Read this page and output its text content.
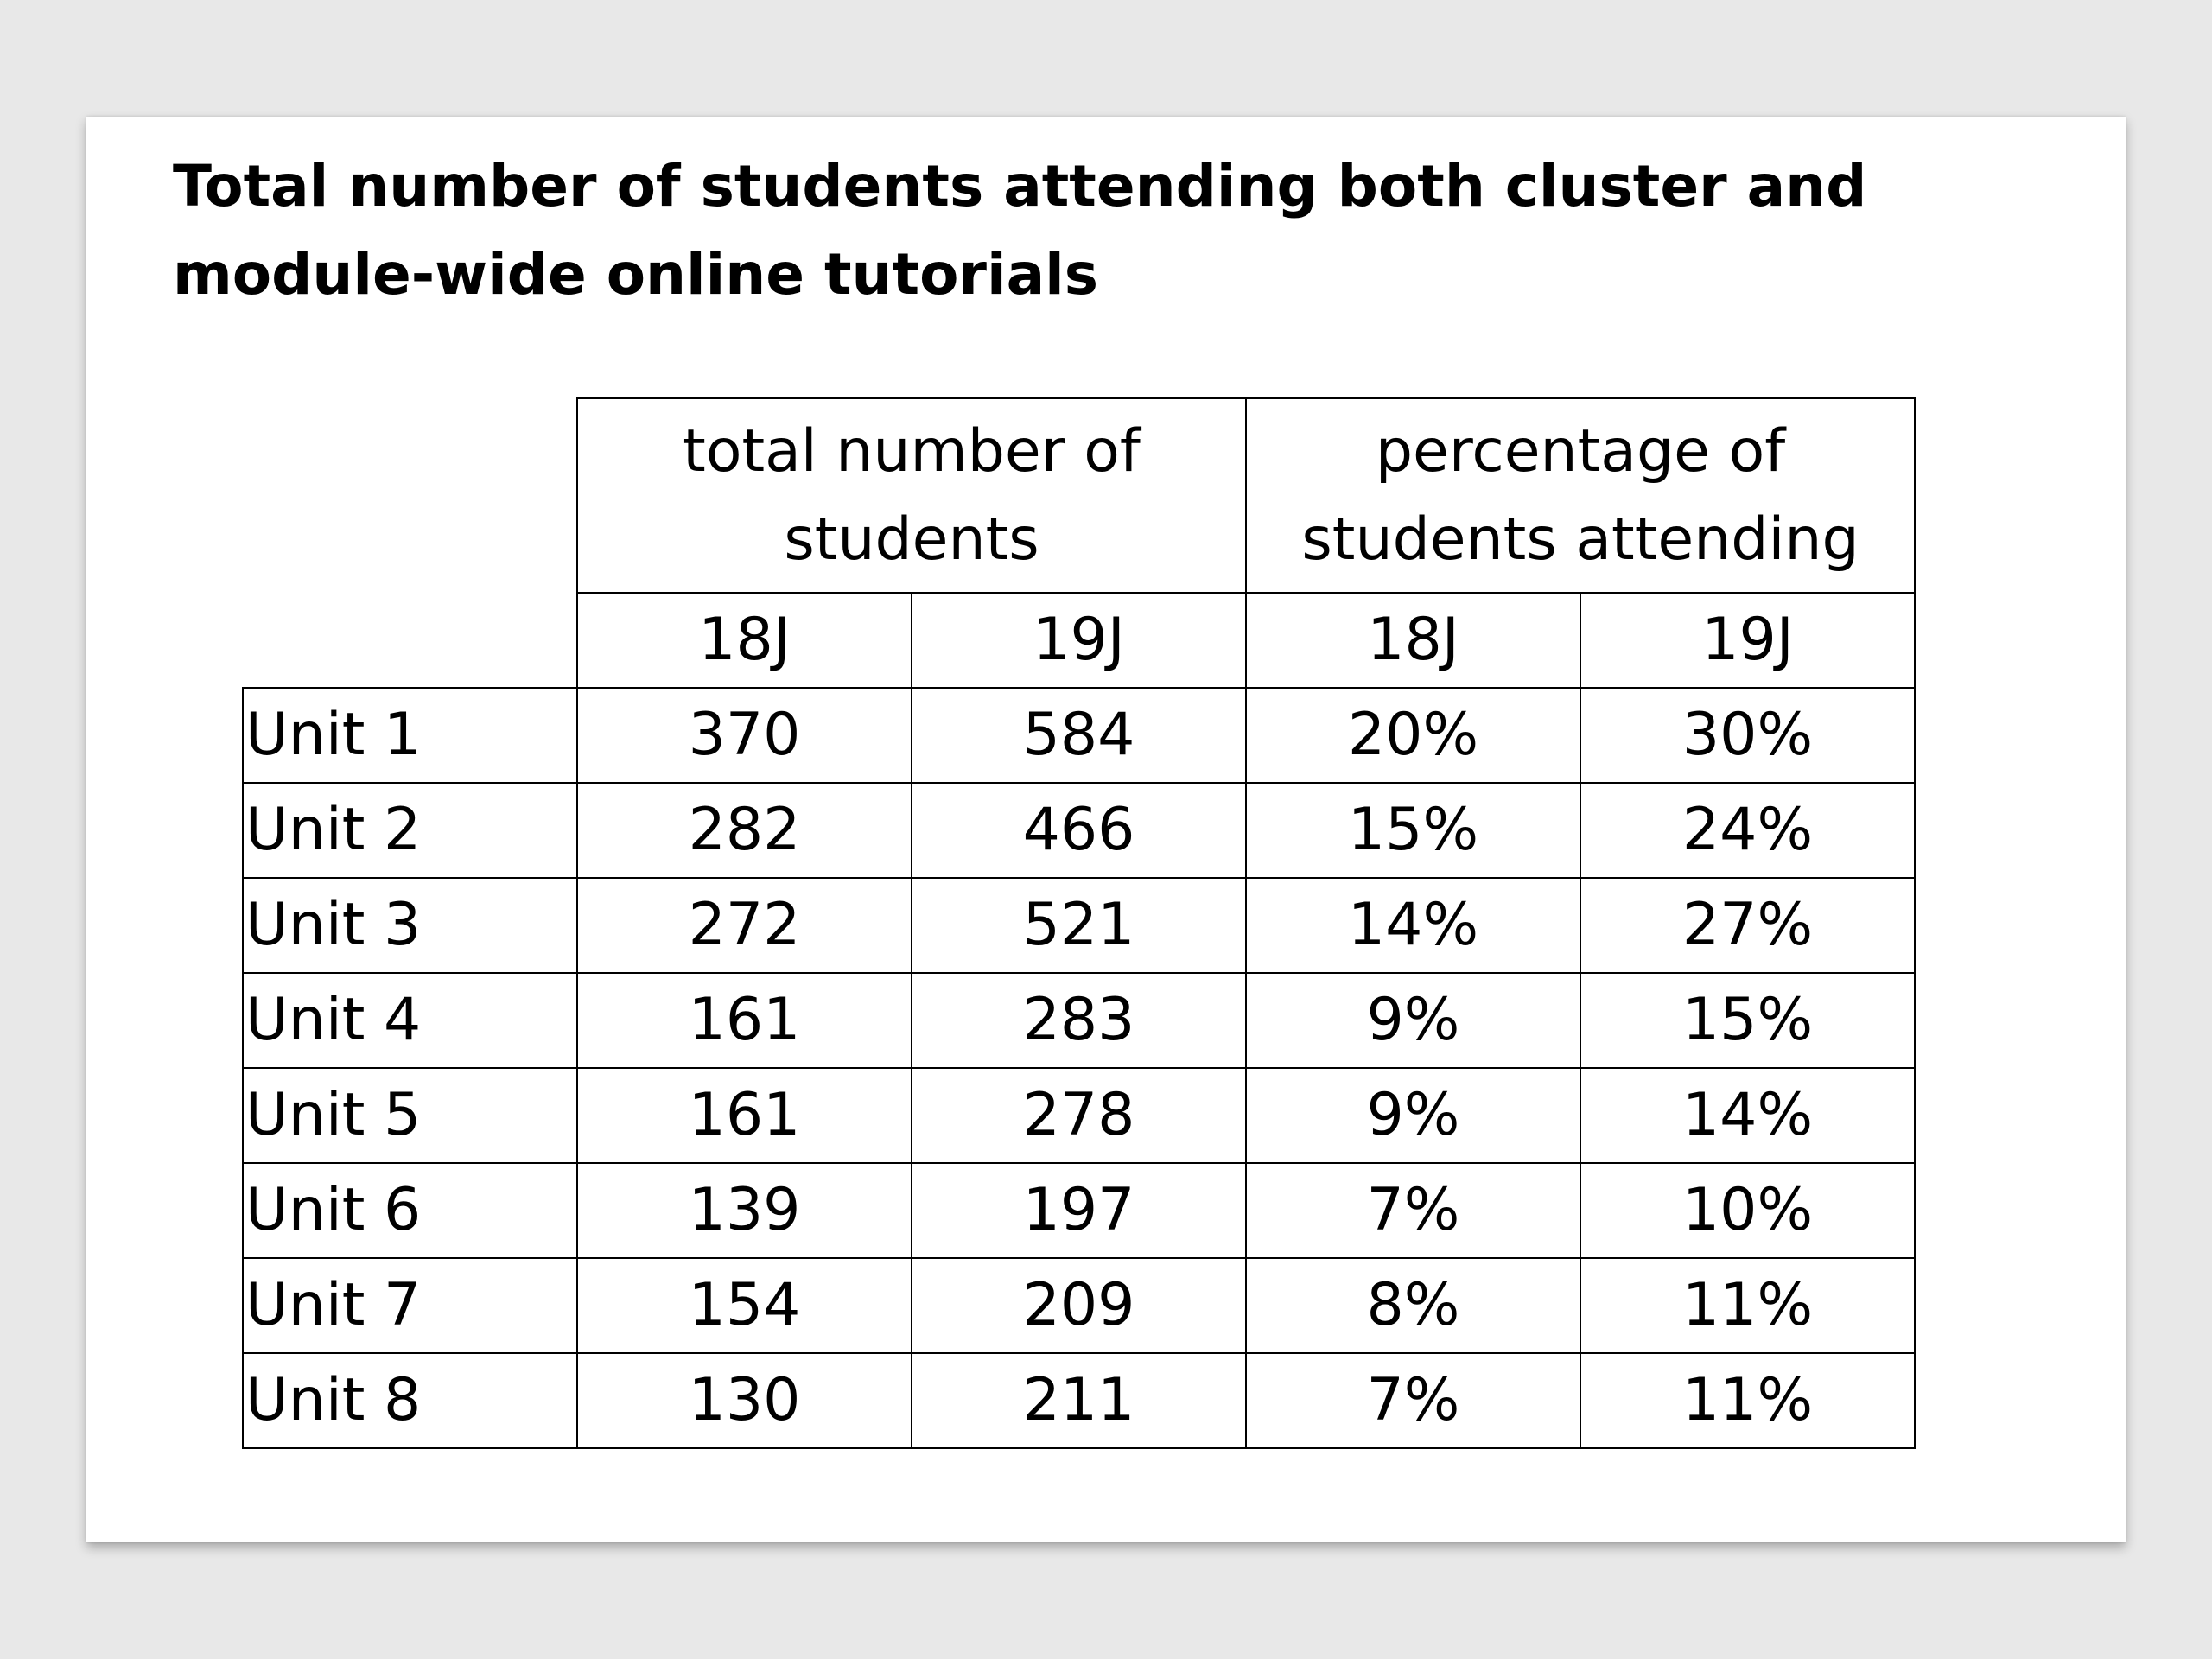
Total number of students attending both cluster and
module-wide online tutorials
	total number of students		percentage of students attending	
	18J	19J	18J	19J
Unit 1	370	584	20%	30%
Unit 2	282	466	15%	24%
Unit 3	272	521	14%	27%
Unit 4	161	283	9%	15%
Unit 5	161	278	9%	14%
Unit 6	139	197	7%	10%
Unit 7	154	209	8%	11%
Unit 8	130	211	7%	11%
